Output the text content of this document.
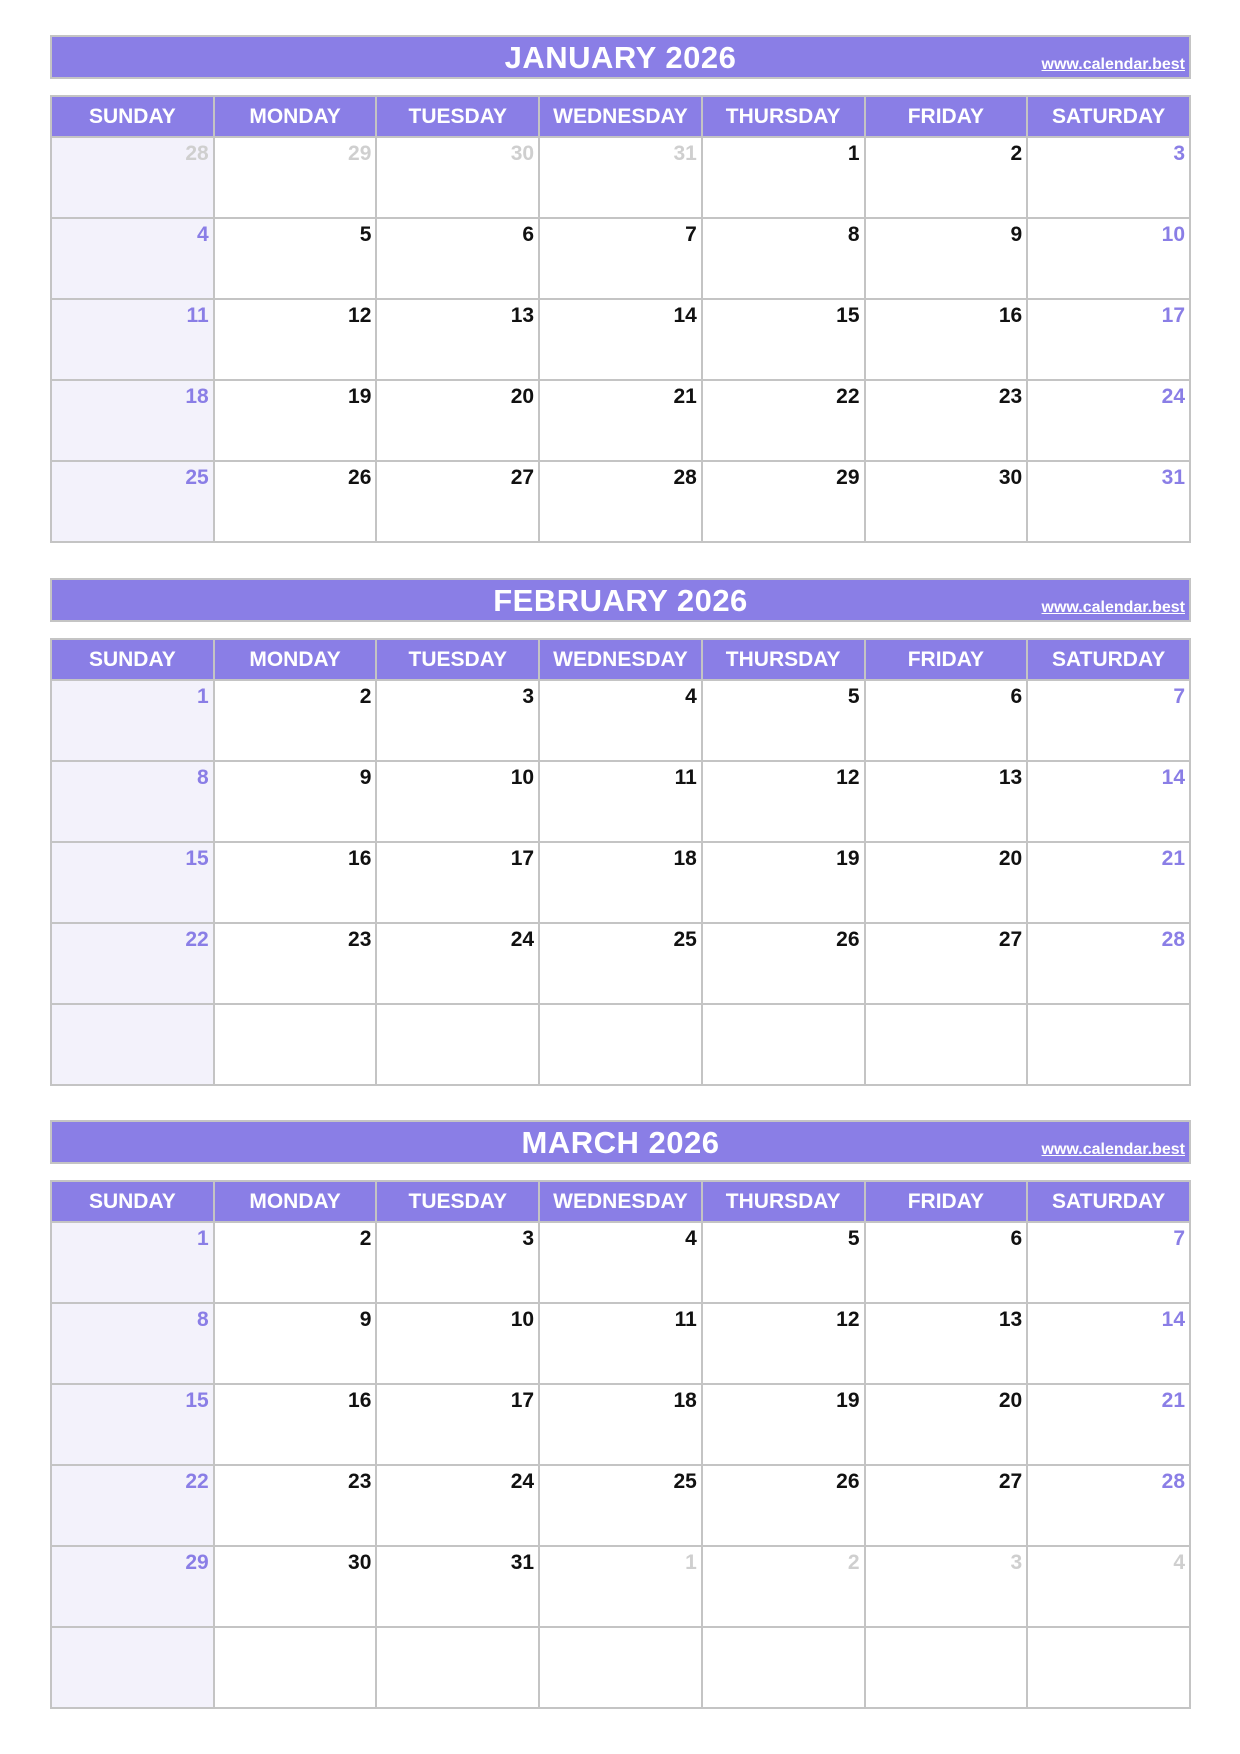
JANUARY 2026	www.calendar.best
SUNDAY	MONDAY	TUESDAY	WEDNESDAY	THURSDAY	FRIDAY	SATURDAY

28	29	30	31	1	2	3

4	5	6	7	8	9	10

11	12	13	14	15	16	17

18	19	20	21	22	23	24

25	26	27	28	29	30	31
FEBRUARY 2026	www.calendar.best
SUNDAY	MONDAY	TUESDAY	WEDNESDAY	THURSDAY	FRIDAY	SATURDAY

1	2	3	4	5	6	7

8	9	10	11	12	13	14

15	16	17	18	19	20	21

22	23	24	25	26	27	28

MARCH 2026	www.calendar.best
SUNDAY	MONDAY	TUESDAY	WEDNESDAY	THURSDAY	FRIDAY	SATURDAY

1	2	3	4	5	6	7

8	9	10	11	12	13	14

15	16	17	18	19	20	21

22	23	24	25	26	27	28

29	30	31	1	2	3	4
